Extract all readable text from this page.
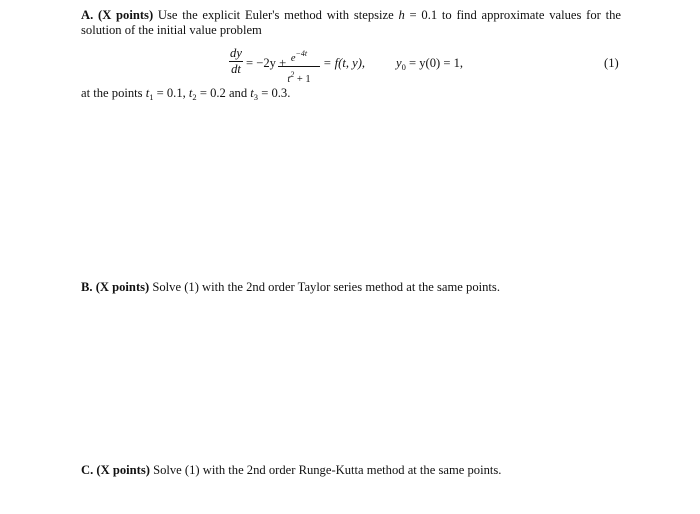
A. (X points) Use the explicit Euler's method with stepsize h = 0.1 to find approximate values for the solution of the initial value problem
dy
dt = $-2y + e^{-4t}$
$t^2 + 1$
= f(t, y), $y_0 = y(0) = 1$,	(1)
at the points $t_1 = 0.1$, $t_2 = 0.2$ and $t_3 = 0.3$.
B. (X points) Solve (1) with the 2nd order Taylor series method at the same points.
C. (X points) Solve (1) with the 2nd order Runge-Kutta method at the same points.
